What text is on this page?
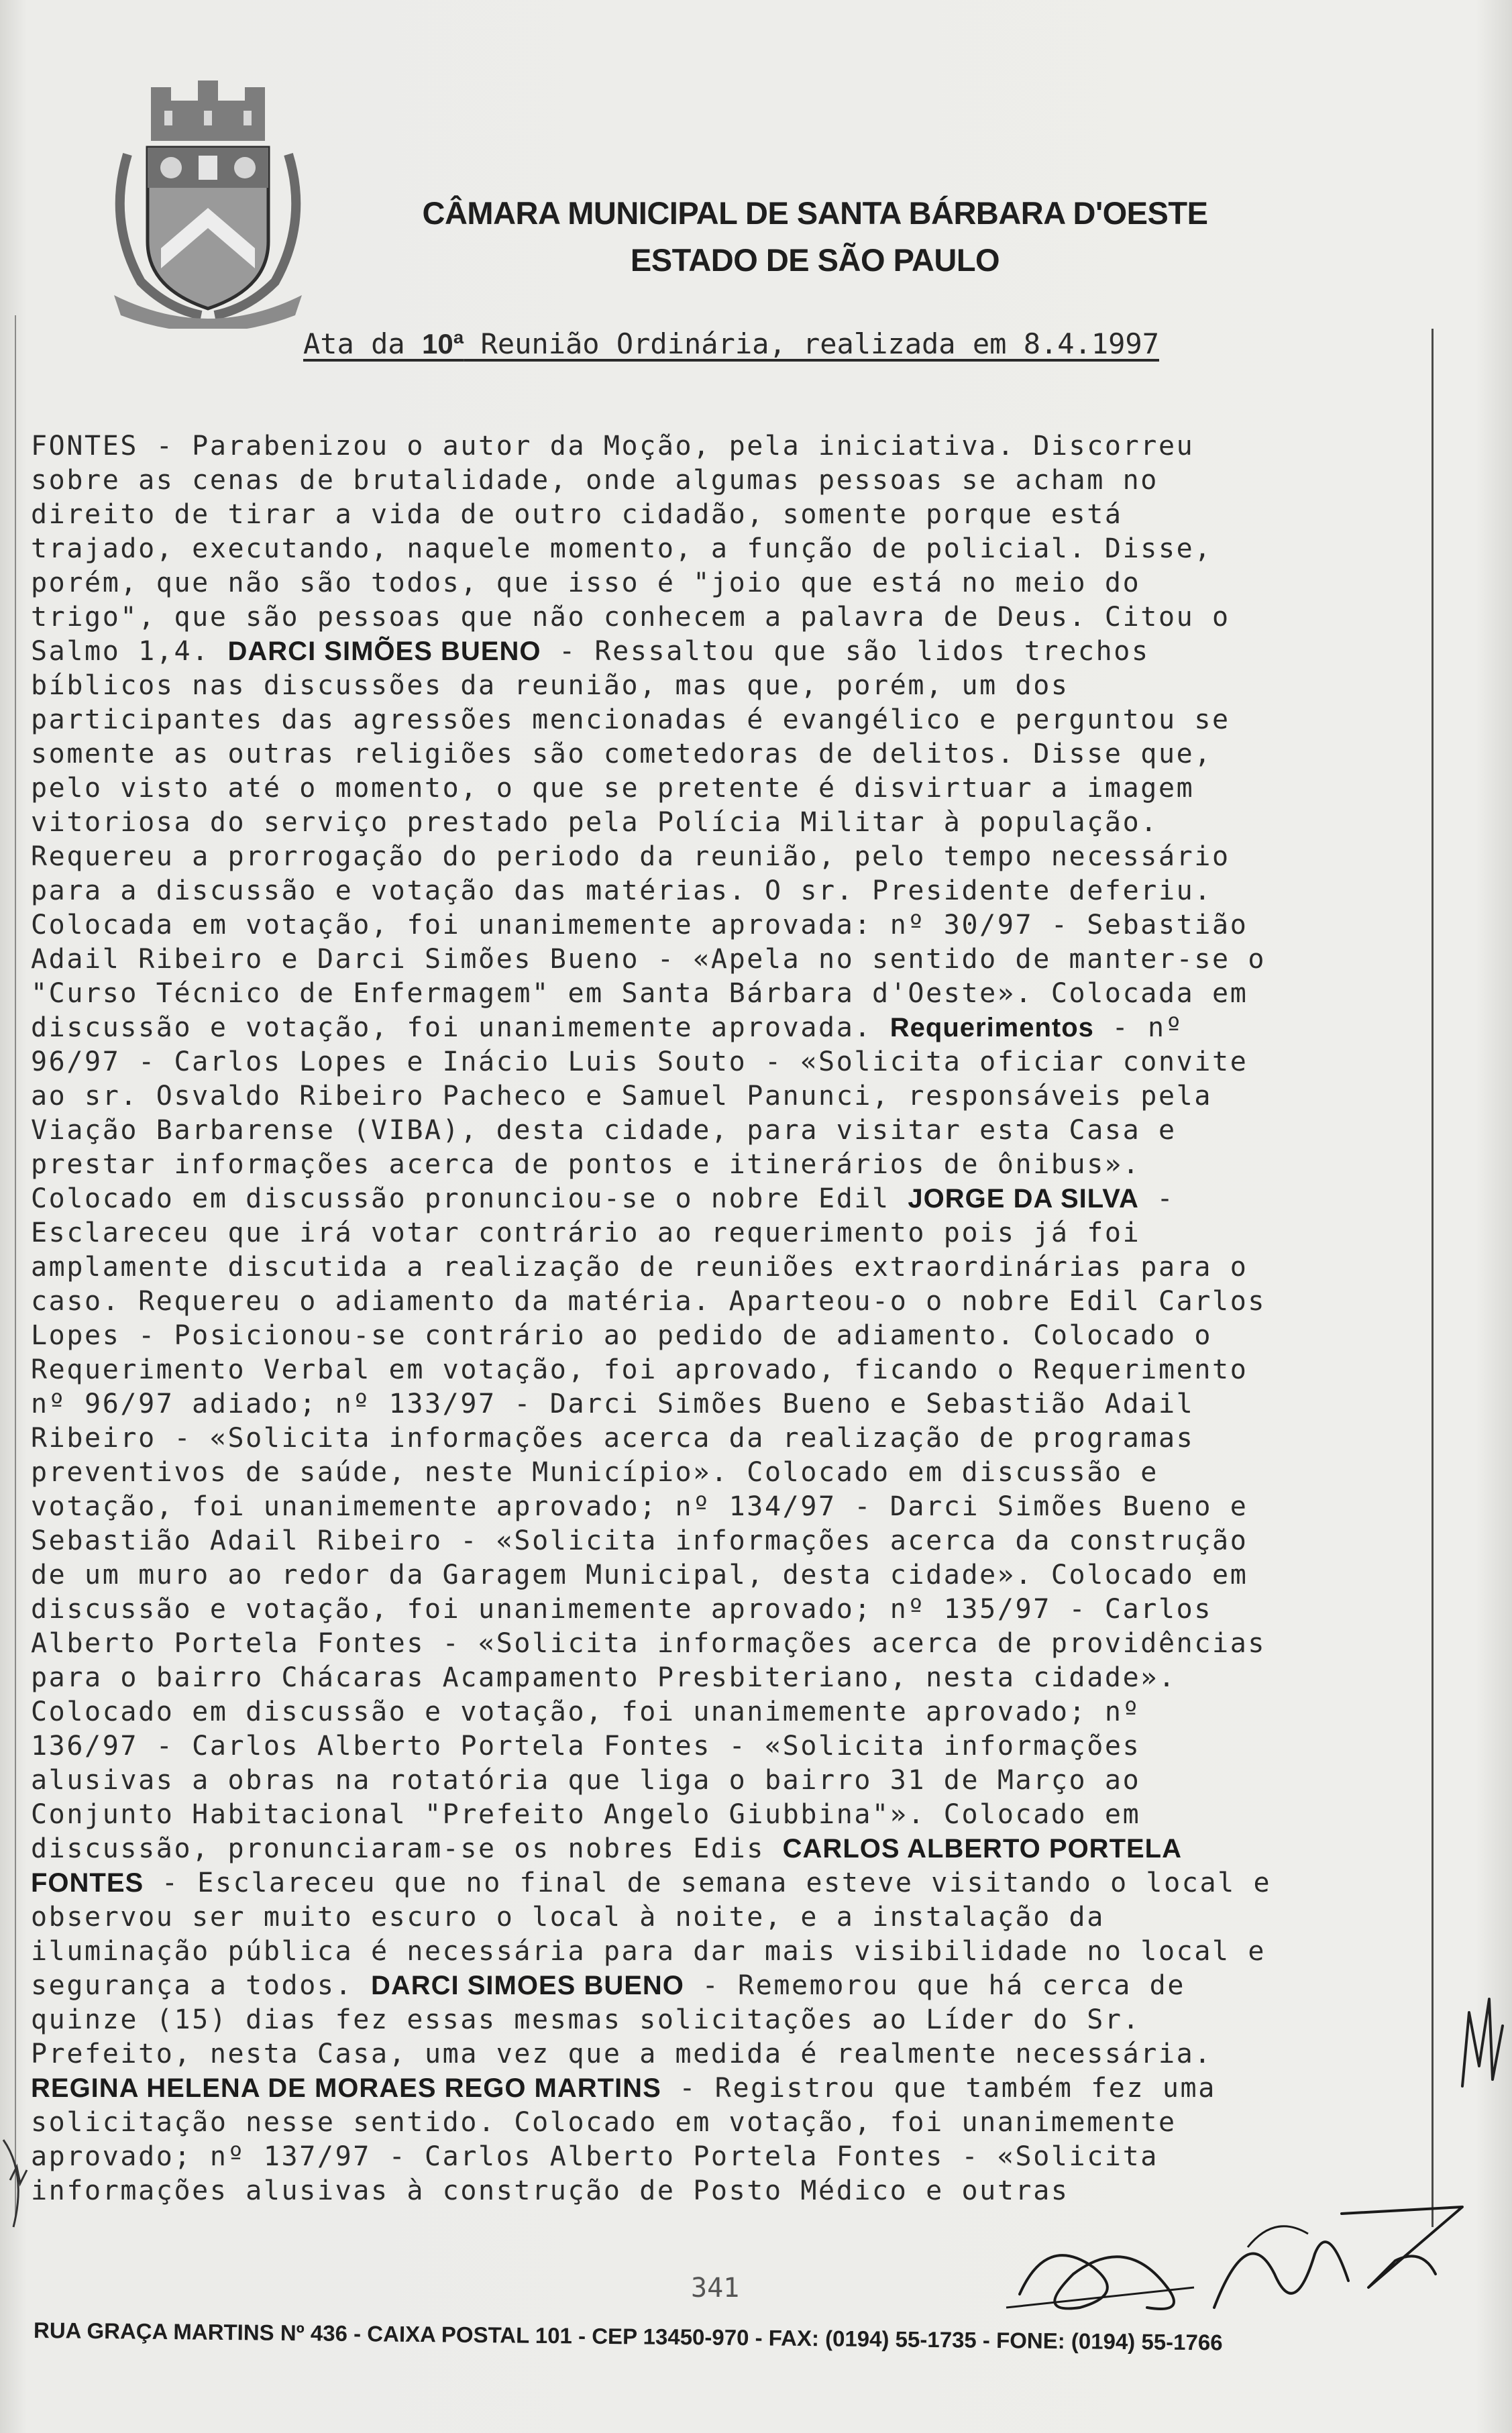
CÂMARA MUNICIPAL DE SANTA BÁRBARA D'OESTE
ESTADO DE SÃO PAULO
Ata da 10ª Reunião Ordinária, realizada em 8.4.1997
FONTES - Parabenizou o autor da Moção, pela iniciativa. Discorreu
sobre as cenas de brutalidade, onde algumas pessoas se acham no
direito de tirar a vida de outro cidadão, somente porque está
trajado, executando, naquele momento, a função de policial. Disse,
porém, que não são todos, que isso é "joio que está no meio do
trigo", que são pessoas que não conhecem a palavra de Deus. Citou o
Salmo 1,4. DARCI SIMÕES BUENO - Ressaltou que são lidos trechos
bíblicos nas discussões da reunião, mas que, porém, um dos
participantes das agressões mencionadas é evangélico e perguntou se
somente as outras religiões são cometedoras de delitos. Disse que,
pelo visto até o momento, o que se pretente é disvirtuar a imagem
vitoriosa do serviço prestado pela Polícia Militar à população.
Requereu a prorrogação do periodo da reunião, pelo tempo necessário
para a discussão e votação das matérias. O sr. Presidente deferiu.
Colocada em votação, foi unanimemente aprovada: nº 30/97 - Sebastião
Adail Ribeiro e Darci Simões Bueno - «Apela no sentido de manter-se o
"Curso Técnico de Enfermagem" em Santa Bárbara d'Oeste». Colocada em
discussão e votação, foi unanimemente aprovada. Requerimentos - nº
96/97 - Carlos Lopes e Inácio Luis Souto - «Solicita oficiar convite
ao sr. Osvaldo Ribeiro Pacheco e Samuel Panunci, responsáveis pela
Viação Barbarense (VIBA), desta cidade, para visitar esta Casa e
prestar informações acerca de pontos e itinerários de ônibus».
Colocado em discussão pronunciou-se o nobre Edil JORGE DA SILVA -
Esclareceu que irá votar contrário ao requerimento pois já foi
amplamente discutida a realização de reuniões extraordinárias para o
caso. Requereu o adiamento da matéria. Aparteou-o o nobre Edil Carlos
Lopes - Posicionou-se contrário ao pedido de adiamento. Colocado o
Requerimento Verbal em votação, foi aprovado, ficando o Requerimento
nº 96/97 adiado; nº 133/97 - Darci Simões Bueno e Sebastião Adail
Ribeiro - «Solicita informações acerca da realização de programas
preventivos de saúde, neste Município». Colocado em discussão e
votação, foi unanimemente aprovado; nº 134/97 - Darci Simões Bueno e
Sebastião Adail Ribeiro - «Solicita informações acerca da construção
de um muro ao redor da Garagem Municipal, desta cidade». Colocado em
discussão e votação, foi unanimemente aprovado; nº 135/97 - Carlos
Alberto Portela Fontes - «Solicita informações acerca de providências
para o bairro Chácaras Acampamento Presbiteriano, nesta cidade».
Colocado em discussão e votação, foi unanimemente aprovado; nº
136/97 - Carlos Alberto Portela Fontes - «Solicita informações
alusivas a obras na rotatória que liga o bairro 31 de Março ao
Conjunto Habitacional "Prefeito Angelo Giubbina"». Colocado em
discussão, pronunciaram-se os nobres Edis CARLOS ALBERTO PORTELA
FONTES - Esclareceu que no final de semana esteve visitando o local e
observou ser muito escuro o local à noite, e a instalação da
iluminação pública é necessária para dar mais visibilidade no local e
segurança a todos. DARCI SIMOES BUENO - Rememorou que há cerca de
quinze (15) dias fez essas mesmas solicitações ao Líder do Sr.
Prefeito, nesta Casa, uma vez que a medida é realmente necessária.
REGINA HELENA DE MORAES REGO MARTINS - Registrou que também fez uma
solicitação nesse sentido. Colocado em votação, foi unanimemente
aprovado; nº 137/97 - Carlos Alberto Portela Fontes - «Solicita
informações alusivas à construção de Posto Médico e outras
341
RUA GRAÇA MARTINS Nº 436 - CAIXA POSTAL 101 - CEP 13450-970 - FAX: (0194) 55-1735 - FONE: (0194) 55-1766
